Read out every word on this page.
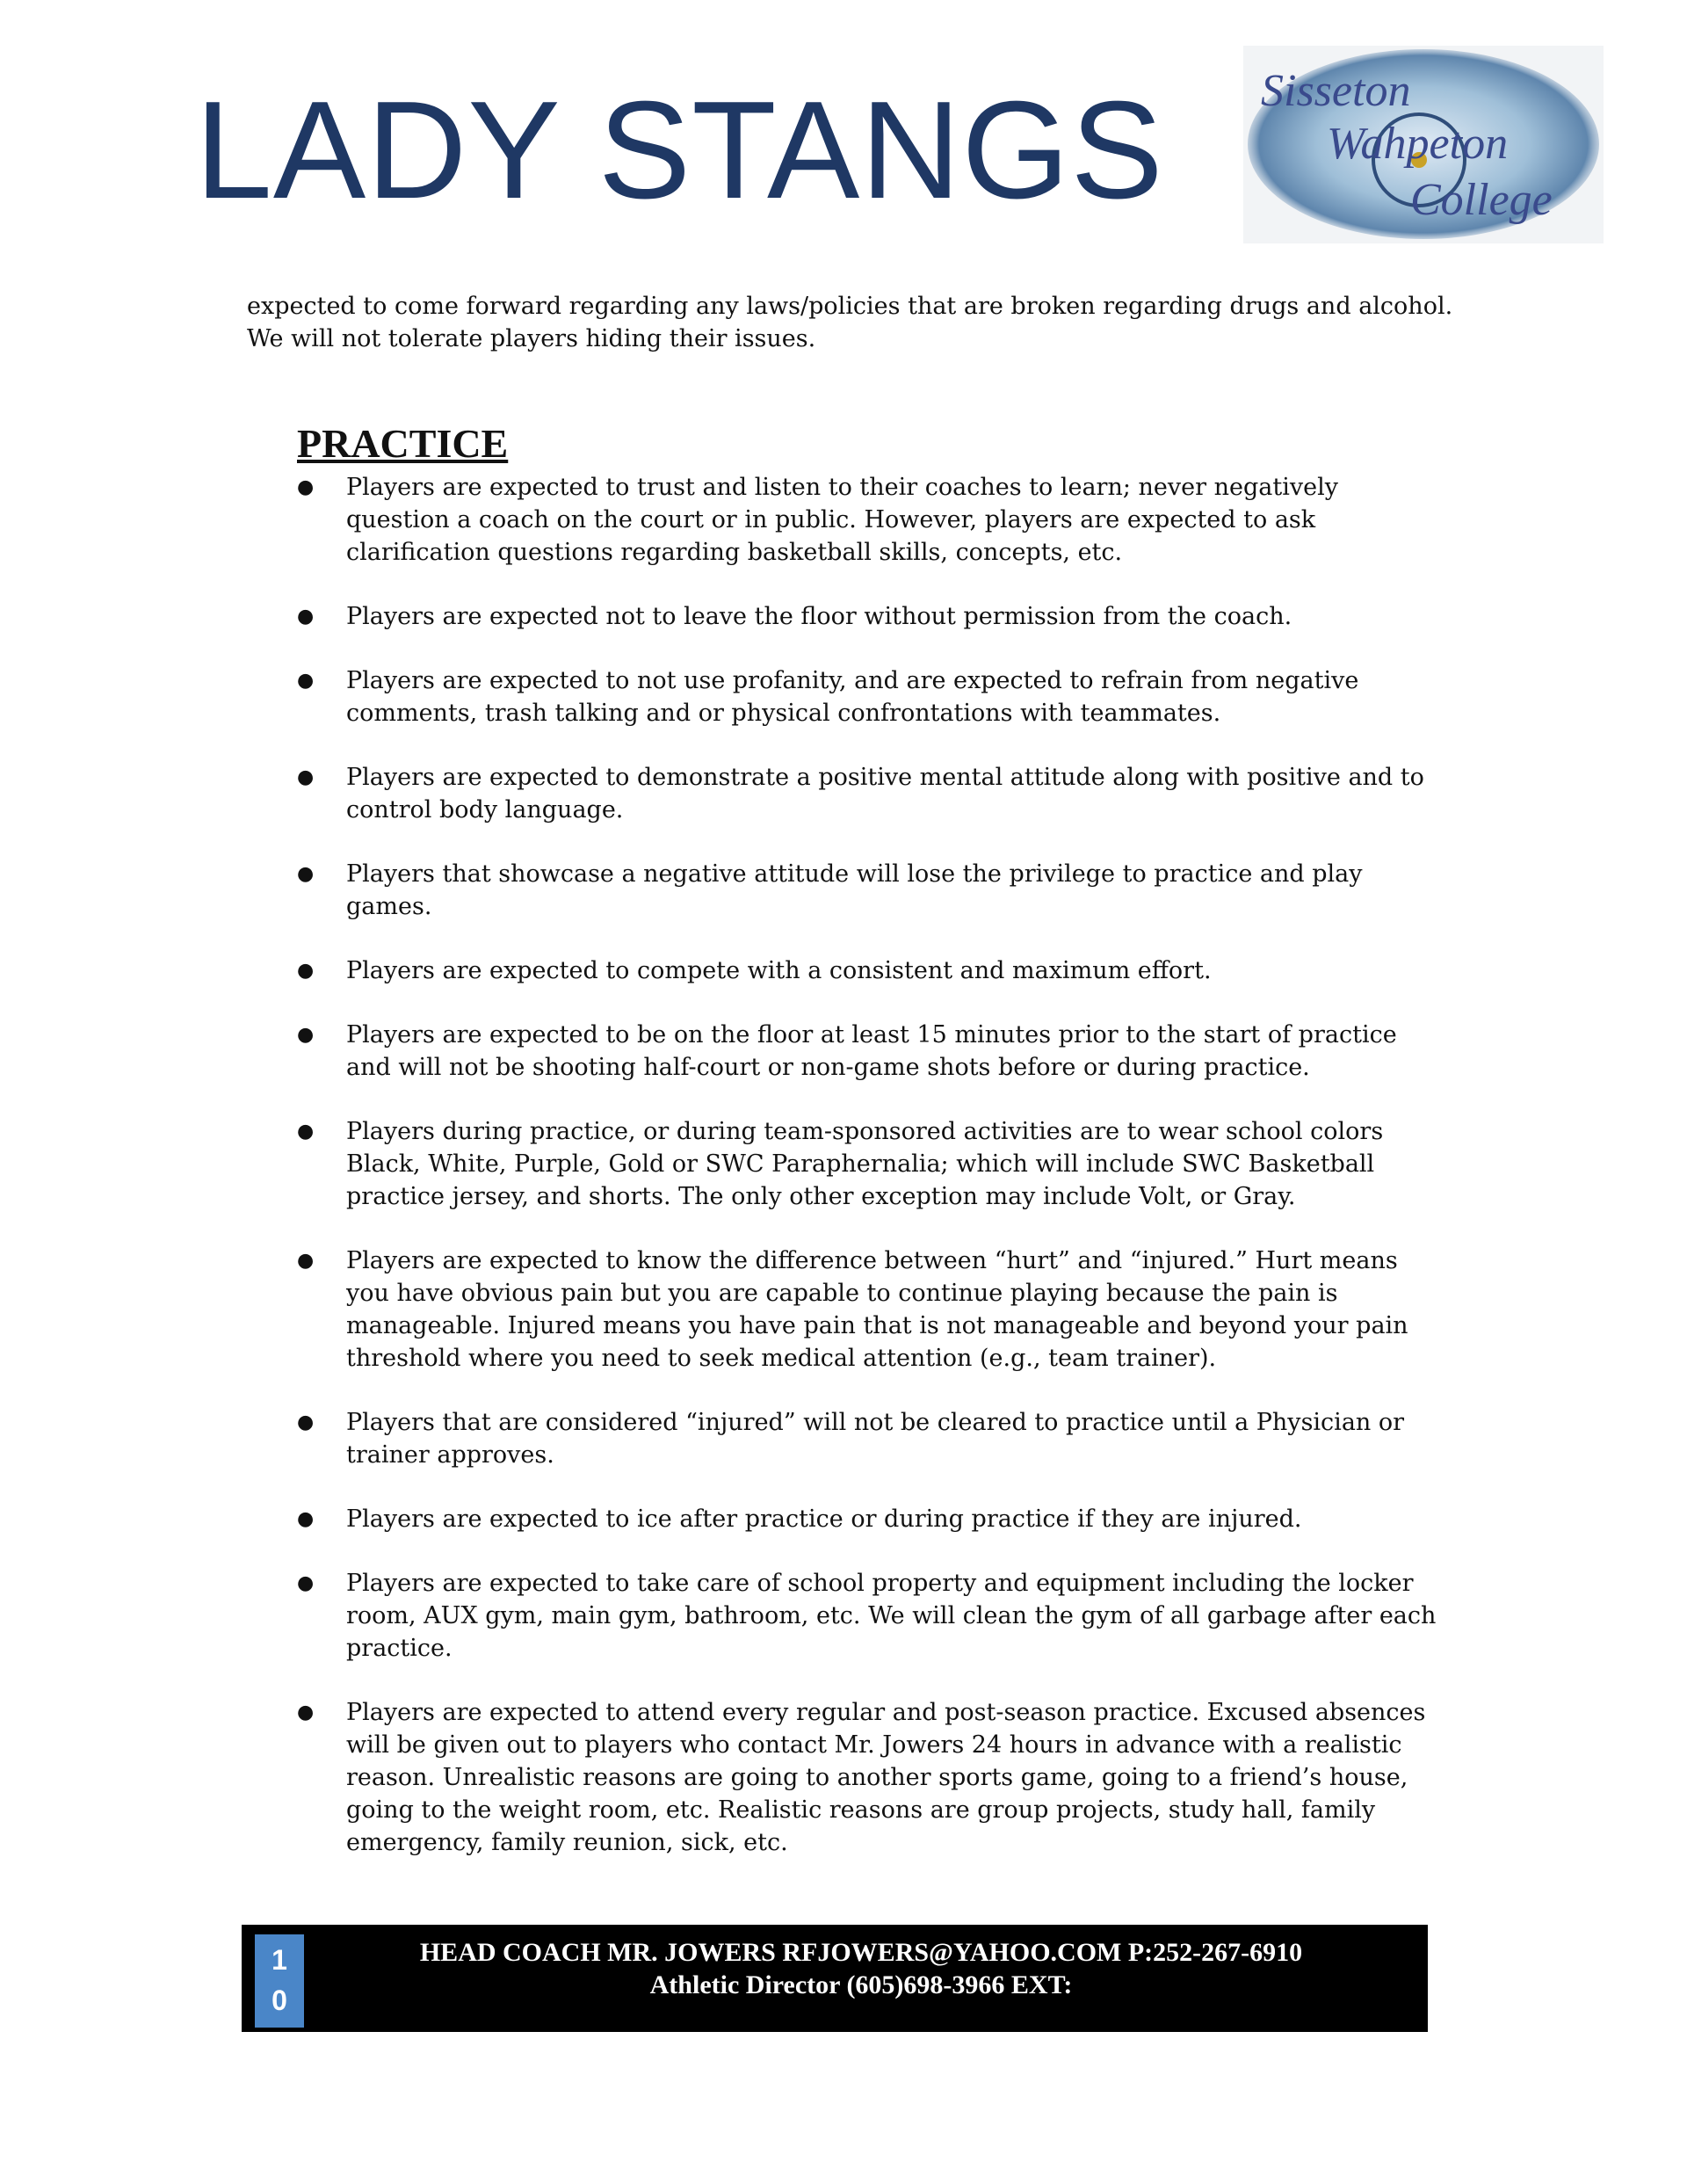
LADY STANGS Sisseton
Wahpeton
College
expected to come forward regarding any laws/policies that are broken regarding drugs and alcohol. We will not tolerate players hiding their issues.
PRACTICE
● Players are expected to trust and listen to their coaches to learn; never negatively question a coach on the court or in public. However, players are expected to ask clarification questions regarding basketball skills, concepts, etc.
● Players are expected not to leave the floor without permission from the coach.
● Players are expected to not use profanity, and are expected to refrain from negative comments, trash talking and or physical confrontations with teammates.
● Players are expected to demonstrate a positive mental attitude along with positive and to control body language.
● Players that showcase a negative attitude will lose the privilege to practice and play games.
● Players are expected to compete with a consistent and maximum effort.
● Players are expected to be on the floor at least 15 minutes prior to the start of practice and will not be shooting half-court or non-game shots before or during practice.
● Players during practice, or during team-sponsored activities are to wear school colors Black, White, Purple, Gold or SWC Paraphernalia; which will include SWC Basketball practice jersey, and shorts. The only other exception may include Volt, or Gray.
● Players are expected to know the difference between “hurt” and “injured.” Hurt means you have obvious pain but you are capable to continue playing because the pain is manageable. Injured means you have pain that is not manageable and beyond your pain threshold where you need to seek medical attention (e.g., team trainer).
● Players that are considered “injured” will not be cleared to practice until a Physician or trainer approves.
● Players are expected to ice after practice or during practice if they are injured.
● Players are expected to take care of school property and equipment including the locker room, AUX gym, main gym, bathroom, etc. We will clean the gym of all garbage after each practice.
● Players are expected to attend every regular and post-season practice. Excused absences will be given out to players who contact Mr. Jowers 24 hours in advance with a realistic reason. Unrealistic reasons are going to another sports game, going to a friend’s house, going to the weight room, etc. Realistic reasons are group projects, study hall, family emergency, family reunion, sick, etc.
1
0
HEAD COACH MR. JOWERS RFJOWERS@YAHOO.COM P:252-267-6910
Athletic Director (605)698-3966 EXT:
